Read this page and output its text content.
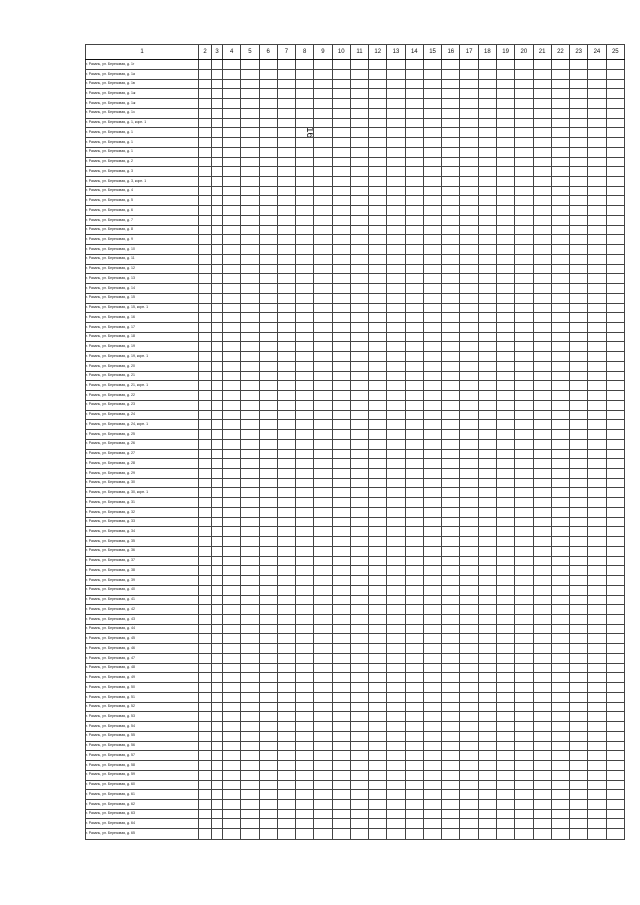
16
1	2	3	4	5	6	7	8	9	10	11	12	13	14	15	16	17	18	19	20	21	22	23	24	25
г. Разань, ул. Березовая, д. 1г																								
г. Разань, ул. Березовая, д. 1а																								
г. Разань, ул. Березовая, д. 1в																								
г. Разань, ул. Березовая, д. 1ж																								
г. Разань, ул. Березовая, д. 1ж																								
г. Разань, ул. Березовая, д. 1з																								
г. Разань, ул. Березовая, д. 1, корп. 1																								
г. Разань, ул. Березовая, д. 1																								
г. Разань, ул. Березовая, д. 1																								
г. Разань, ул. Березовая, д. 1																								
г. Разань, ул. Березовая, д. 2																								
г. Разань, ул. Березовая, д. 3																								
г. Разань, ул. Березовая, д. 3, корп. 1																								
г. Разань, ул. Березовая, д. 4																								
г. Разань, ул. Березовая, д. 5																								
г. Разань, ул. Березовая, д. 6																								
г. Разань, ул. Березовая, д. 7																								
г. Разань, ул. Березовая, д. 8																								
г. Разань, ул. Березовая, д. 9																								
г. Разань, ул. Березовая, д. 10																								
г. Разань, ул. Березовая, д. 11																								
г. Разань, ул. Березовая, д. 12																								
г. Разань, ул. Березовая, д. 13																								
г. Разань, ул. Березовая, д. 14																								
г. Разань, ул. Березовая, д. 15																								
г. Разань, ул. Березовая, д. 15, корп. 1																								
г. Разань, ул. Березовая, д. 16																								
г. Разань, ул. Березовая, д. 17																								
г. Разань, ул. Березовая, д. 18																								
г. Разань, ул. Березовая, д. 19																								
г. Разань, ул. Березовая, д. 19, корп. 1																								
г. Разань, ул. Березовая, д. 20																								
г. Разань, ул. Березовая, д. 21																								
г. Разань, ул. Березовая, д. 21, корп. 1																								
г. Разань, ул. Березовая, д. 22																								
г. Разань, ул. Березовая, д. 23																								
г. Разань, ул. Березовая, д. 24																								
г. Разань, ул. Березовая, д. 24, корп. 1																								
г. Разань, ул. Березовая, д. 25																								
г. Разань, ул. Березовая, д. 26																								
г. Разань, ул. Березовая, д. 27																								
г. Разань, ул. Березовая, д. 28																								
г. Разань, ул. Березовая, д. 29																								
г. Разань, ул. Березовая, д. 30																								
г. Разань, ул. Березовая, д. 30, корп. 1																								
г. Разань, ул. Березовая, д. 31																								
г. Разань, ул. Березовая, д. 32																								
г. Разань, ул. Березовая, д. 33																								
г. Разань, ул. Березовая, д. 34																								
г. Разань, ул. Березовая, д. 35																								
г. Разань, ул. Березовая, д. 36																								
г. Разань, ул. Березовая, д. 37																								
г. Разань, ул. Березовая, д. 38																								
г. Разань, ул. Березовая, д. 39																								
г. Разань, ул. Березовая, д. 40																								
г. Разань, ул. Березовая, д. 41																								
г. Разань, ул. Березовая, д. 42																								
г. Разань, ул. Березовая, д. 43																								
г. Разань, ул. Березовая, д. 44																								
г. Разань, ул. Березовая, д. 45																								
г. Разань, ул. Березовая, д. 46																								
г. Разань, ул. Березовая, д. 47																								
г. Разань, ул. Березовая, д. 48																								
г. Разань, ул. Березовая, д. 49																								
г. Разань, ул. Березовая, д. 50																								
г. Разань, ул. Березовая, д. 51																								
г. Разань, ул. Березовая, д. 52																								
г. Разань, ул. Березовая, д. 53																								
г. Разань, ул. Березовая, д. 54																								
г. Разань, ул. Березовая, д. 55																								
г. Разань, ул. Березовая, д. 56																								
г. Разань, ул. Березовая, д. 57																								
г. Разань, ул. Березовая, д. 58																								
г. Разань, ул. Березовая, д. 59																								
г. Разань, ул. Березовая, д. 60																								
г. Разань, ул. Березовая, д. 61																								
г. Разань, ул. Березовая, д. 62																								
г. Разань, ул. Березовая, д. 63																								
г. Разань, ул. Березовая, д. 64																								
г. Разань, ул. Березовая, д. 65																								
